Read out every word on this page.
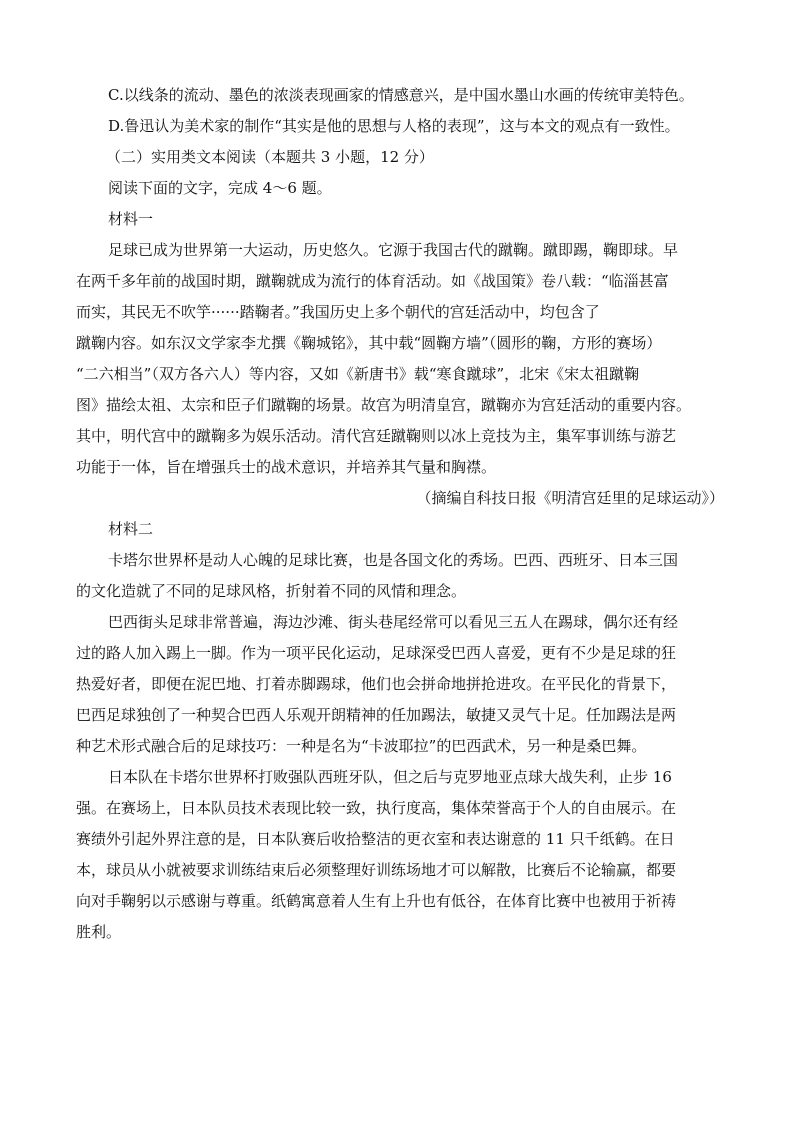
C.以线条的流动、墨色的浓淡表现画家的情感意兴，是中国水墨山水画的传统审美特色。

D.鲁迅认为美术家的制作“其实是他的思想与人格的表现”，这与本文的观点有一致性。

（二）实用类文本阅读（本题共 3 小题，12 分）

阅读下面的文字，完成 4～6 题。

材料一

足球已成为世界第一大运动，历史悠久。它源于我国古代的蹴鞠。蹴即踢，鞠即球。早

在两千多年前的战国时期，蹴鞠就成为流行的体育活动。如《战国策》卷八载：“临淄甚富

而实，其民无不吹竽······踏鞠者。”我国历史上多个朝代的宫廷活动中，均包含了

蹴鞠内容。如东汉文学家李尤撰《鞠城铭》，其中载“圆鞠方墙”（圆形的鞠，方形的赛场）

“二六相当”（双方各六人）等内容，又如《新唐书》载“寒食蹴球”，北宋《宋太祖蹴鞠

图》描绘太祖、太宗和臣子们蹴鞠的场景。故宫为明清皇宫，蹴鞠亦为宫廷活动的重要内容。

其中，明代宫中的蹴鞠多为娱乐活动。清代宫廷蹴鞠则以冰上竞技为主，集军事训练与游艺

功能于一体，旨在增强兵士的战术意识，并培养其气量和胸襟。

（摘编自科技日报《明清宫廷里的足球运动》）

材料二

卡塔尔世界杯是动人心魄的足球比赛，也是各国文化的秀场。巴西、西班牙、日本三国

的文化造就了不同的足球风格，折射着不同的风情和理念。

巴西街头足球非常普遍，海边沙滩、街头巷尾经常可以看见三五人在踢球，偶尔还有经

过的路人加入踢上一脚。作为一项平民化运动，足球深受巴西人喜爱，更有不少是足球的狂

热爱好者，即便在泥巴地、打着赤脚踢球，他们也会拼命地拼抢进攻。在平民化的背景下，

巴西足球独创了一种契合巴西人乐观开朗精神的任加踢法，敏捷又灵气十足。任加踢法是两

种艺术形式融合后的足球技巧：一种是名为“卡波耶拉”的巴西武术，另一种是桑巴舞。

日本队在卡塔尔世界杯打败强队西班牙队，但之后与克罗地亚点球大战失利，止步 16

强。在赛场上，日本队员技术表现比较一致，执行度高，集体荣誉高于个人的自由展示。在

赛绩外引起外界注意的是，日本队赛后收拾整洁的更衣室和表达谢意的 11 只千纸鹤。在日

本，球员从小就被要求训练结束后必须整理好训练场地才可以解散，比赛后不论输赢，都要

向对手鞠躬以示感谢与尊重。纸鹤寓意着人生有上升也有低谷，在体育比赛中也被用于祈祷

胜利。
